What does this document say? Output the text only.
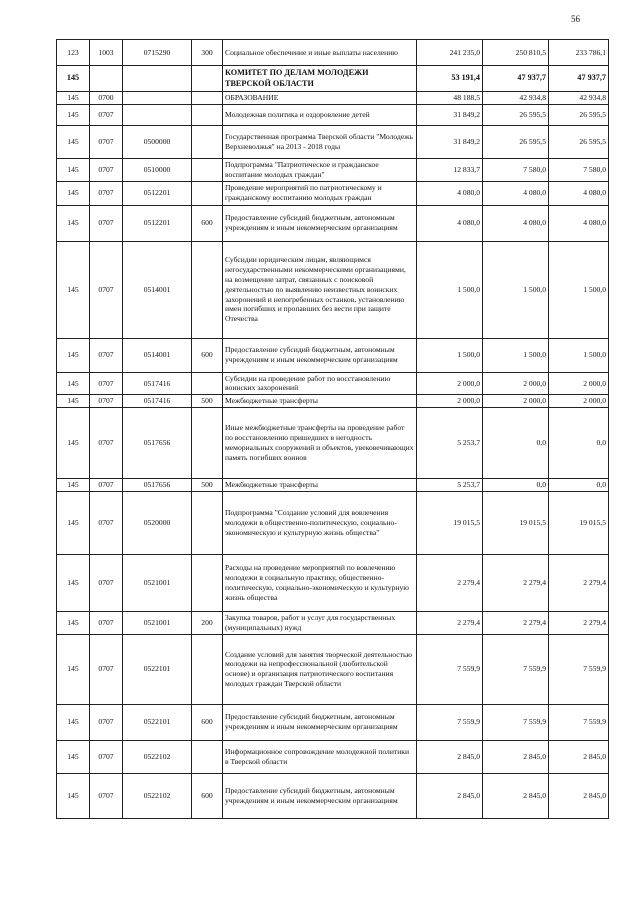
56
123	1003	0715290	300	Социальное обеспечение и иные выплаты населению	241 235,0	250 810,5	233 786,1
145				КОМИТЕТ ПО ДЕЛАМ МОЛОДЕЖИ ТВЕРСКОЙ ОБЛАСТИ	53 191,4	47 937,7	47 937,7
145	0700			ОБРАЗОВАНИЕ	48 188,5	42 934,8	42 934,8
145	0707			Молодежная политика и оздоровление детей	31 849,2	26 595,5	26 595,5
145	0707	0500000		Государственная программа Тверской области "Молодежь Верхневолжья" на 2013 - 2018 годы	31 849,2	26 595,5	26 595,5
145	0707	0510000		Подпрограмма "Патриотическое и гражданское воспитание молодых граждан"	12 833,7	7 580,0	7 580,0
145	0707	0512201		Проведение мероприятий по патриотическому и гражданскому воспитанию молодых граждан	4 080,0	4 080,0	4 080,0
145	0707	0512201	600	Предоставление субсидий бюджетным, автономным учреждениям и иным некоммерческим организациям	4 080,0	4 080,0	4 080,0
145	0707	0514001		Субсидии юридическим лицам, являющимся негосударственными некоммерческими организациями, на возмещение затрат, связанных с поисковой деятельностью по выявлению неизвестных воинских захоронений и непогребенных останков, установлению имен погибших и пропавших без вести при защите Отечества	1 500,0	1 500,0	1 500,0
145	0707	0514001	600	Предоставление субсидий бюджетным, автономным учреждениям и иным некоммерческим организациям	1 500,0	1 500,0	1 500,0
145	0707	0517416		Субсидии на проведение работ по восстановлению воинских захоронений	2 000,0	2 000,0	2 000,0
145	0707	0517416	500	Межбюджетные трансферты	2 000,0	2 000,0	2 000,0
145	0707	0517656		Иные межбюджетные трансферты на проведение работ по восстановлению пришедших в негодность мемориальных сооружений и объектов, увековечивающих память погибших воинов	5 253,7	0,0	0,0
145	0707	0517656	500	Межбюджетные трансферты	5 253,7	0,0	0,0
145	0707	0520000		Подпрограмма "Создание условий для вовлечения молодежи в общественно-политическую, социально-экономическую и культурную жизнь общества"	19 015,5	19 015,5	19 015,5
145	0707	0521001		Расходы на проведение мероприятий по вовлечению молодежи в социальную практику, общественно-политическую, социально-экономическую и культурную жизнь общества	2 279,4	2 279,4	2 279,4
145	0707	0521001	200	Закупка товаров, работ и услуг для государственных (муниципальных) нужд	2 279,4	2 279,4	2 279,4
145	0707	0522101		Создание условий для занятия творческой деятельностью молодежи на непрофессиональной (любительской основе) и организация патриотического воспитания молодых граждан Тверской области	7 559,9	7 559,9	7 559,9
145	0707	0522101	600	Предоставление субсидий бюджетным, автономным учреждениям и иным некоммерческим организациям	7 559,9	7 559,9	7 559,9
145	0707	0522102		Информационное сопровождение молодежной политики в Тверской области	2 845,0	2 845,0	2 845,0
145	0707	0522102	600	Предоставление субсидий бюджетным, автономным учреждениям и иным некоммерческим организациям	2 845,0	2 845,0	2 845,0
